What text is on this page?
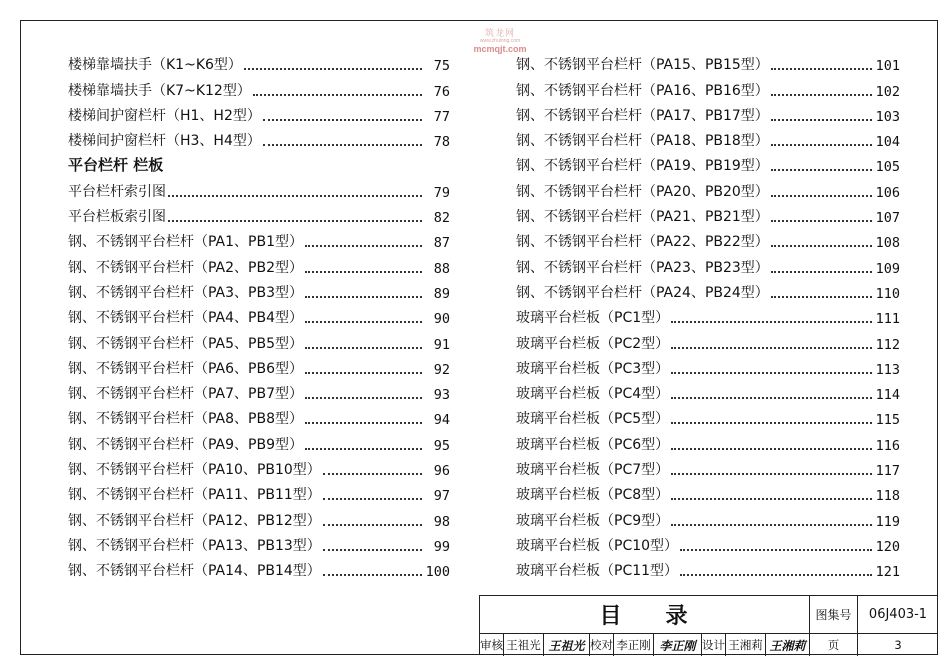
筑龙网
www.zhulong.com
mcmqjt.com
楼梯靠墙扶手（K1~K6型）	75
楼梯靠墙扶手（K7~K12型）	76
楼梯间护窗栏杆（H1、H2型）	77
楼梯间护窗栏杆（H3、H4型）	78
平台栏杆 栏板
平台栏杆索引图	79
平台栏板索引图	82
钢、不锈钢平台栏杆（PA1、PB1型）	87
钢、不锈钢平台栏杆（PA2、PB2型）	88
钢、不锈钢平台栏杆（PA3、PB3型）	89
钢、不锈钢平台栏杆（PA4、PB4型）	90
钢、不锈钢平台栏杆（PA5、PB5型）	91
钢、不锈钢平台栏杆（PA6、PB6型）	92
钢、不锈钢平台栏杆（PA7、PB7型）	93
钢、不锈钢平台栏杆（PA8、PB8型）	94
钢、不锈钢平台栏杆（PA9、PB9型）	95
钢、不锈钢平台栏杆（PA10、PB10型）	96
钢、不锈钢平台栏杆（PA11、PB11型）	97
钢、不锈钢平台栏杆（PA12、PB12型）	98
钢、不锈钢平台栏杆（PA13、PB13型）	99
钢、不锈钢平台栏杆（PA14、PB14型）	100
钢、不锈钢平台栏杆（PA15、PB15型）	101
钢、不锈钢平台栏杆（PA16、PB16型）	102
钢、不锈钢平台栏杆（PA17、PB17型）	103
钢、不锈钢平台栏杆（PA18、PB18型）	104
钢、不锈钢平台栏杆（PA19、PB19型）	105
钢、不锈钢平台栏杆（PA20、PB20型）	106
钢、不锈钢平台栏杆（PA21、PB21型）	107
钢、不锈钢平台栏杆（PA22、PB22型）	108
钢、不锈钢平台栏杆（PA23、PB23型）	109
钢、不锈钢平台栏杆（PA24、PB24型）	110
玻璃平台栏板（PC1型）	111
玻璃平台栏板（PC2型）	112
玻璃平台栏板（PC3型）	113
玻璃平台栏板（PC4型）	114
玻璃平台栏板（PC5型）	115
玻璃平台栏板（PC6型）	116
玻璃平台栏板（PC7型）	117
玻璃平台栏板（PC8型）	118
玻璃平台栏板（PC9型）	119
玻璃平台栏板（PC10型）	120
玻璃平台栏板（PC11型）	121
目 录	图集号	06J403-1
审核 王祖光 王祖光 校对 李正刚 李正刚 设计 王湘莉 王湘莉	页	3
